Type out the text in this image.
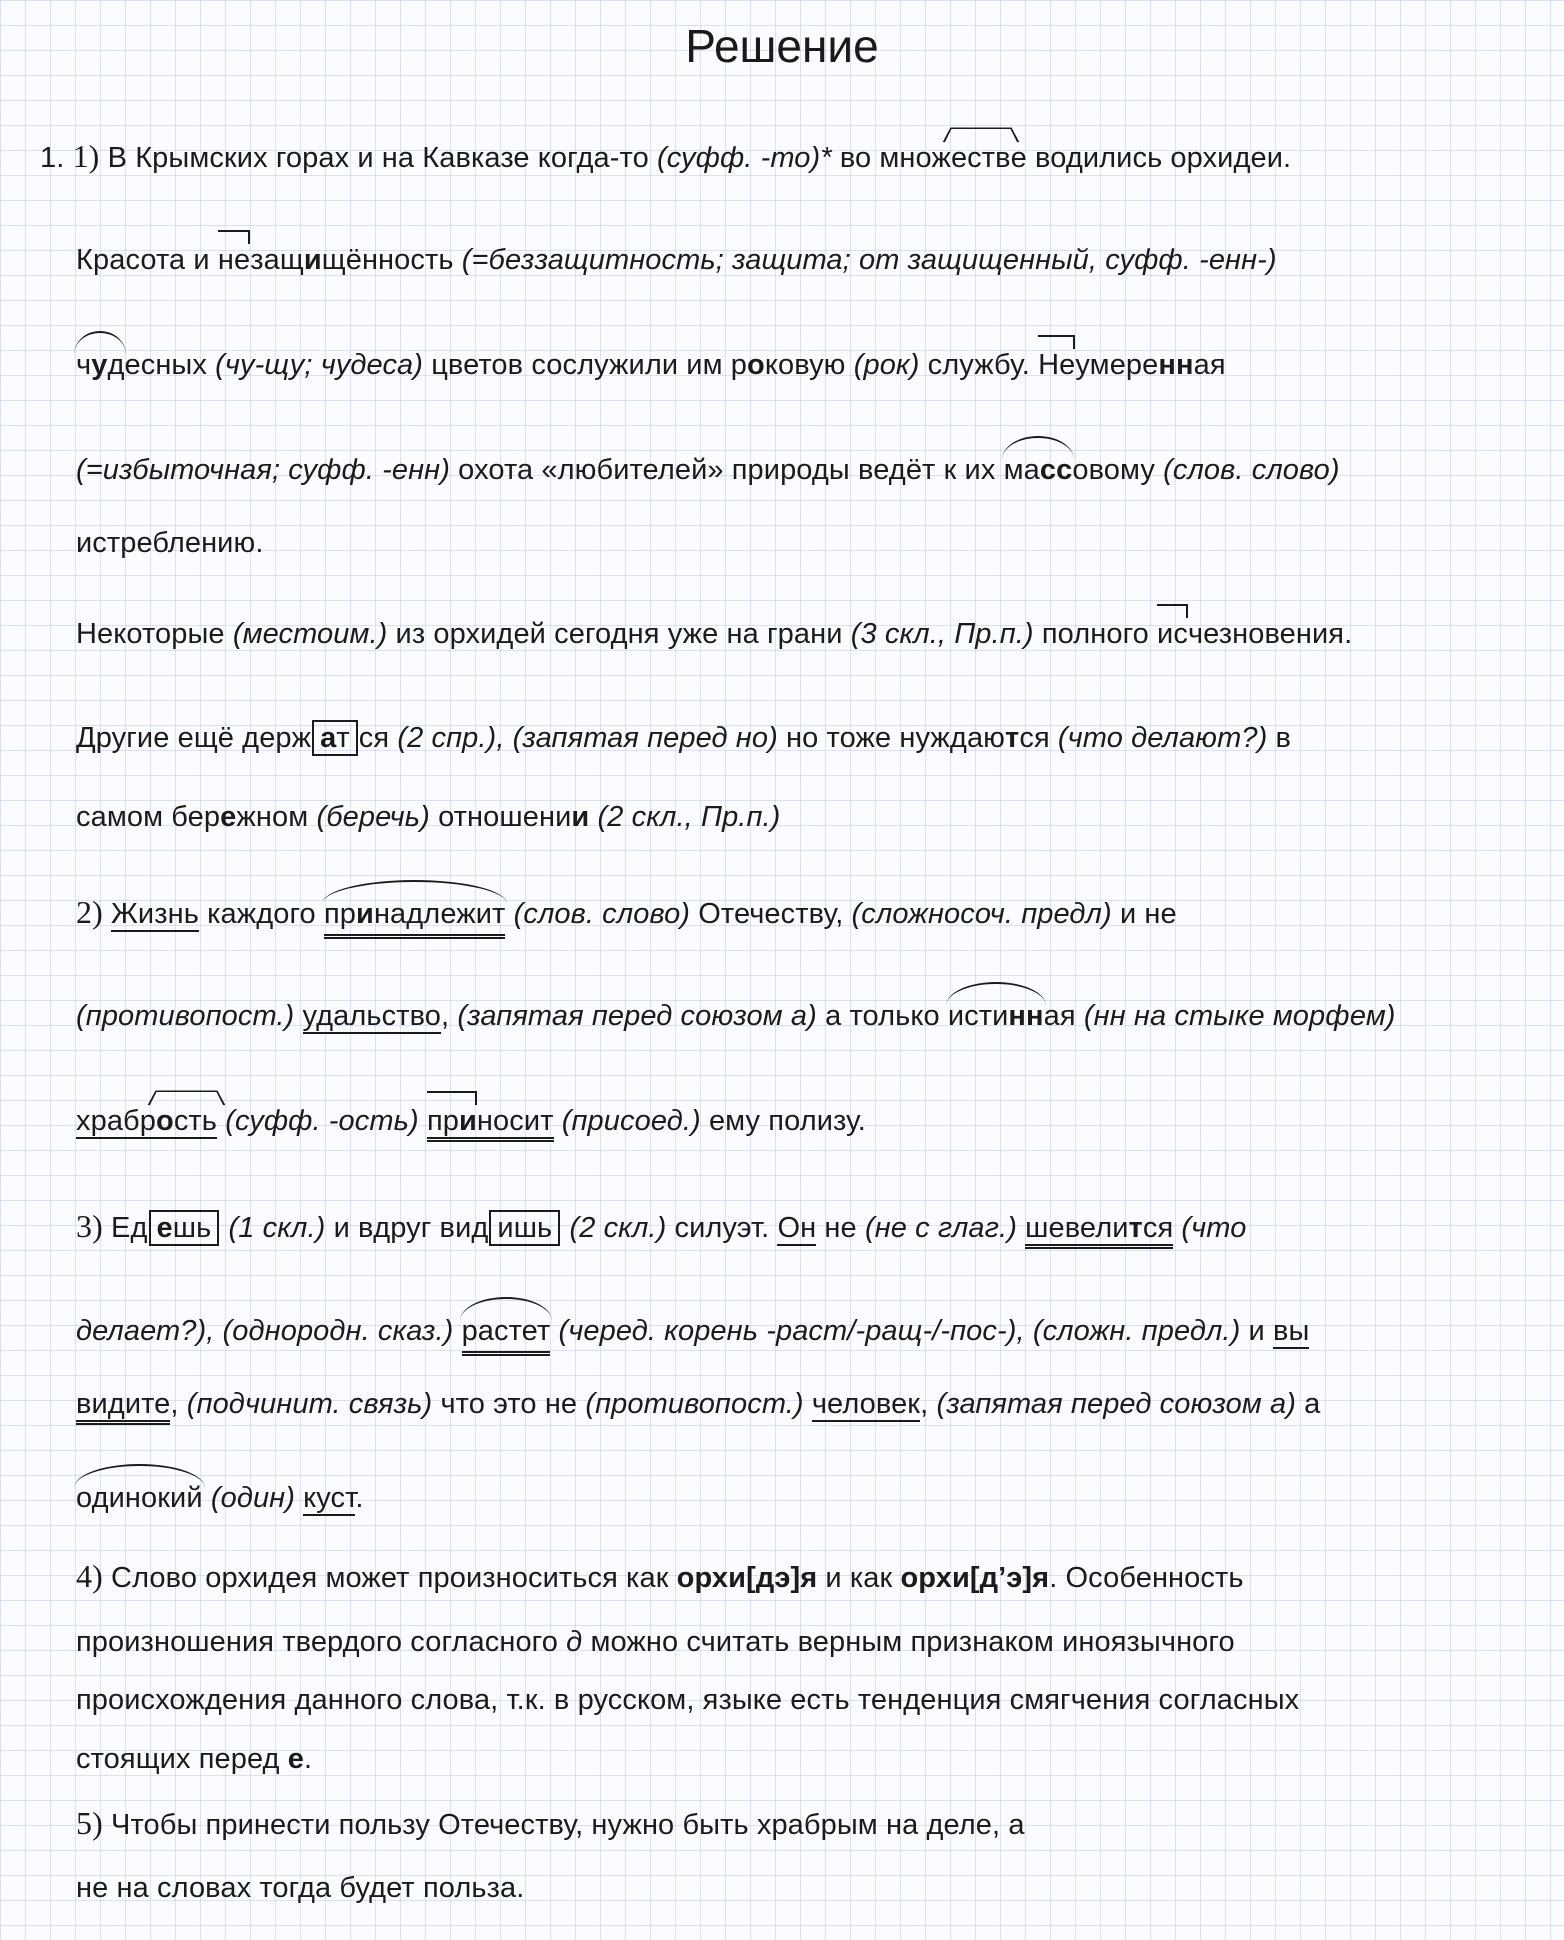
Решение
1. 1) В Крымских горах и на Кавказе когда-то (суфф. -то)* во множестве водились орхидеи.
Красота и незащищённость (=беззащитность; защита; от защищенный, суфф. -енн-)
чудесных (чу-щу; чудеса) цветов сослужили им роковую (рок) службу. Неумеренная
(=избыточная; суфф. -енн) охота «любителей» природы ведёт к их массовому (слов. слово)
истреблению.
Некоторые (местоим.) из орхидей сегодня уже на грани (3 скл., Пр.п.) полного исчезновения.
Другие ещё держ ат ся (2 спр.), (запятая перед но) но тоже нуждаются (что делают?) в
самом бережном (беречь) отношении (2 скл., Пр.п.)
2) Жизнь каждого принадлежит (слов. слово) Отечеству, (сложносоч. предл) и не
(противопост.) удальство, (запятая перед союзом а) а только истинная (нн на стыке морфем)
храбрость (суфф. -ость) приносит (присоед.) ему полизу.
3) Ед ешь (1 скл.) и вдруг вид ишь (2 скл.) силуэт. Он не (не с глаг.) шевелится (что
делает?), (однородн. сказ.) растет (черед. корень -раст/-ращ-/-пос-), (сложн. предл.) и вы
видите, (подчинит. связь) что это не (противопост.) человек, (запятая перед союзом а) а
одинокий (один) куст.
4) Слово орхидея может произноситься как орхи[дэ]я и как орхи[д’э]я. Особенность
произношения твердого согласного д можно считать верным признаком иноязычного
происхождения данного слова, т.к. в русском, языке есть тенденция смягчения согласных
стоящих перед е.
5) Чтобы принести пользу Отечеству, нужно быть храбрым на деле, а
не на словах тогда будет польза.
